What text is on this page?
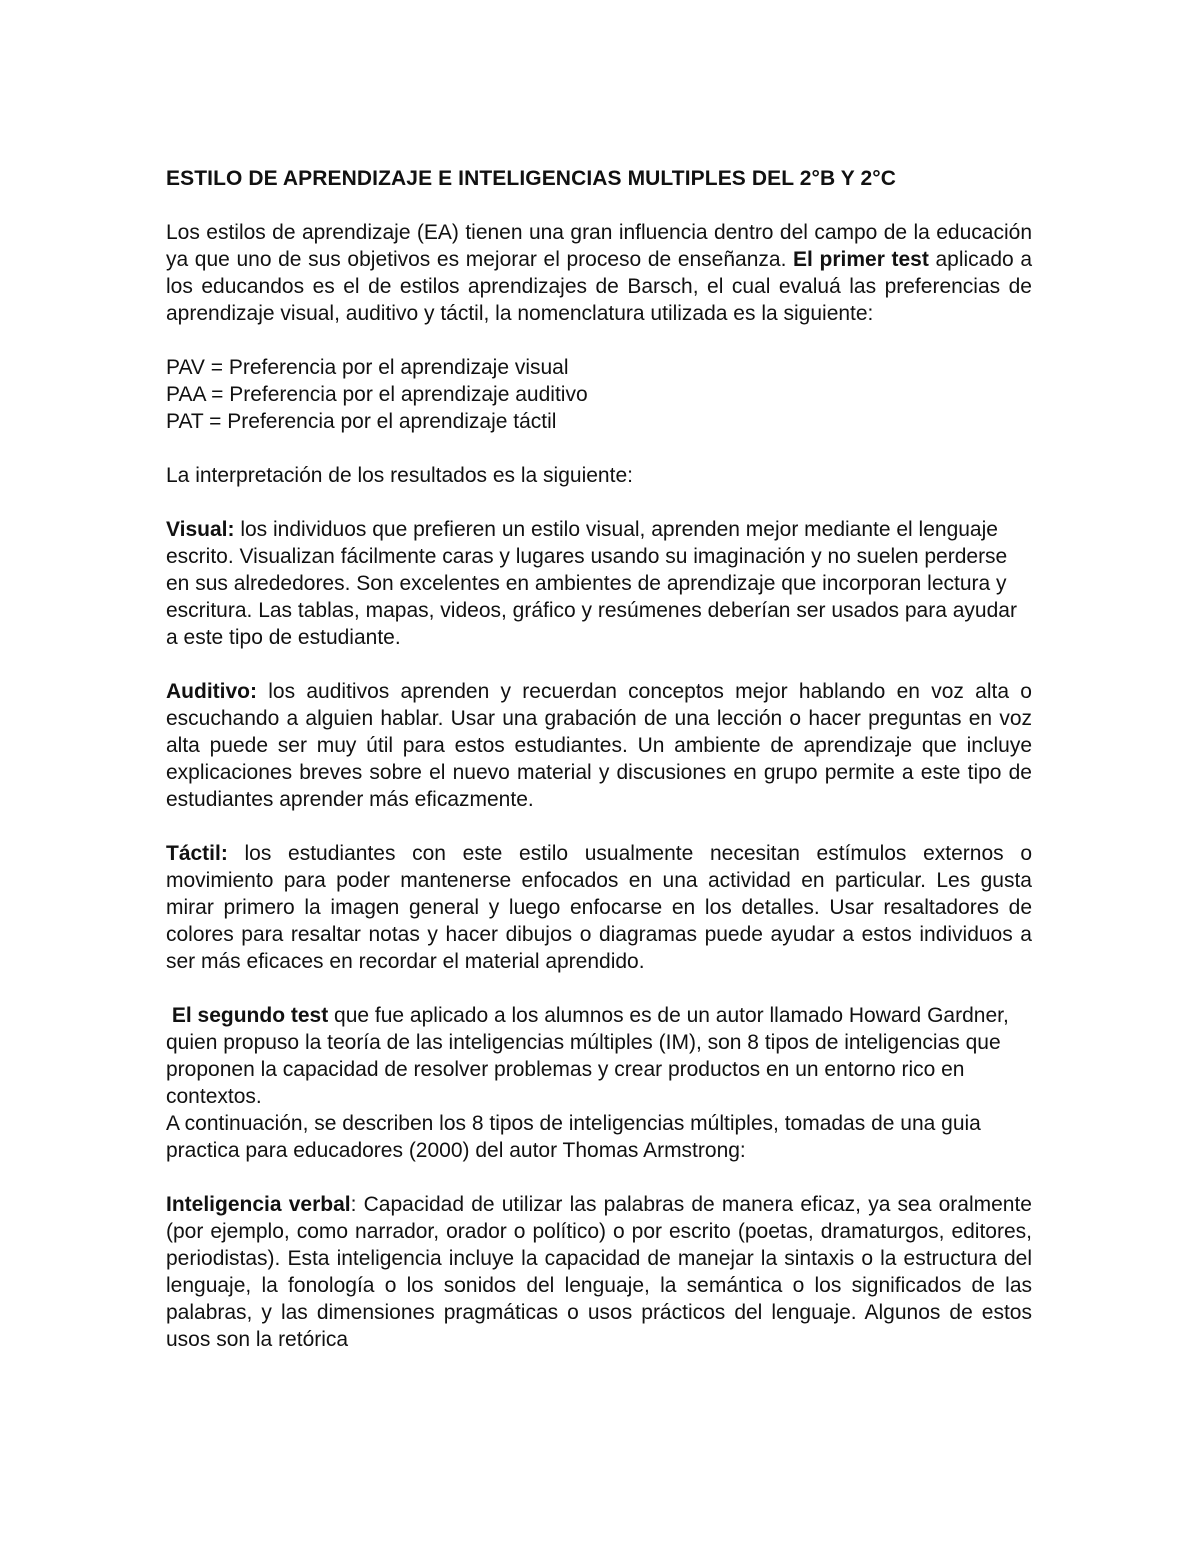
ESTILO DE APRENDIZAJE E INTELIGENCIAS MULTIPLES DEL 2°B Y 2°C

Los estilos de aprendizaje (EA) tienen una gran influencia dentro del campo de la educación ya que uno de sus objetivos es mejorar el proceso de enseñanza. El primer test aplicado a los educandos es el de estilos aprendizajes de Barsch, el cual evaluá las preferencias de aprendizaje visual, auditivo y táctil, la nomenclatura utilizada es la siguiente:

PAV = Preferencia por el aprendizaje visual
PAA = Preferencia por el aprendizaje auditivo
PAT = Preferencia por el aprendizaje táctil

La interpretación de los resultados es la siguiente:

Visual: los individuos que prefieren un estilo visual, aprenden mejor mediante el lenguaje escrito. Visualizan fácilmente caras y lugares usando su imaginación y no suelen perderse en sus alrededores. Son excelentes en ambientes de aprendizaje que incorporan lectura y escritura. Las tablas, mapas, videos, gráfico y resúmenes deberían ser usados para ayudar a este tipo de estudiante.

Auditivo: los auditivos aprenden y recuerdan conceptos mejor hablando en voz alta o escuchando a alguien hablar. Usar una grabación de una lección o hacer preguntas en voz alta puede ser muy útil para estos estudiantes. Un ambiente de aprendizaje que incluye explicaciones breves sobre el nuevo material y discusiones en grupo permite a este tipo de estudiantes aprender más eficazmente.

Táctil: los estudiantes con este estilo usualmente necesitan estímulos externos o movimiento para poder mantenerse enfocados en una actividad en particular. Les gusta mirar primero la imagen general y luego enfocarse en los detalles. Usar resaltadores de colores para resaltar notas y hacer dibujos o diagramas puede ayudar a estos individuos a ser más eficaces en recordar el material aprendido.

El segundo test que fue aplicado a los alumnos es de un autor llamado Howard Gardner, quien propuso la teoría de las inteligencias múltiples (IM), son 8 tipos de inteligencias que proponen la capacidad de resolver problemas y crear productos en un entorno rico en contextos.

A continuación, se describen los 8 tipos de inteligencias múltiples, tomadas de una guia practica para educadores (2000) del autor Thomas Armstrong:

Inteligencia verbal: Capacidad de utilizar las palabras de manera eficaz, ya sea oralmente (por ejemplo, como narrador, orador o político) o por escrito (poetas, dramaturgos, editores, periodistas). Esta inteligencia incluye la capacidad de manejar la sintaxis o la estructura del lenguaje, la fonología o los sonidos del lenguaje, la semántica o los significados de las palabras, y las dimensiones pragmáticas o usos prácticos del lenguaje. Algunos de estos usos son la retórica
